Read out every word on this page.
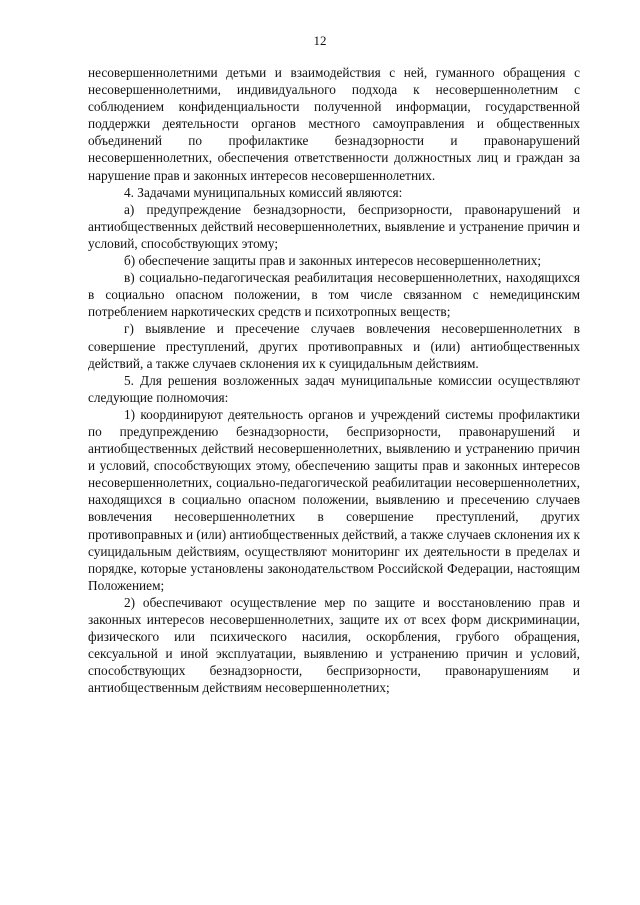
12

несовершеннолетними детьми и взаимодействия с ней, гуманного обращения с несовершеннолетними, индивидуального подхода к несовершеннолетним с соблюдением конфиденциальности полученной информации, государственной поддержки деятельности органов местного самоуправления и общественных объединений по профилактике безнадзорности и правонарушений несовершеннолетних, обеспечения ответственности должностных лиц и граждан за нарушение прав и законных интересов несовершеннолетних.

4. Задачами муниципальных комиссий являются:

а) предупреждение безнадзорности, беспризорности, правонарушений и антиобщественных действий несовершеннолетних, выявление и устранение причин и условий, способствующих этому;

б) обеспечение защиты прав и законных интересов несовершеннолетних;

в) социально-педагогическая реабилитация несовершеннолетних, находящихся в социально опасном положении, в том числе связанном с немедицинским потреблением наркотических средств и психотропных веществ;

г) выявление и пресечение случаев вовлечения несовершеннолетних в совершение преступлений, других противоправных и (или) антиобщественных действий, а также случаев склонения их к суицидальным действиям.

5. Для решения возложенных задач муниципальные комиссии осуществляют следующие полномочия:

1) координируют деятельность органов и учреждений системы профилактики по предупреждению безнадзорности, беспризорности, правонарушений и антиобщественных действий несовершеннолетних, выявлению и устранению причин и условий, способствующих этому, обеспечению защиты прав и законных интересов несовершеннолетних, социально-педагогической реабилитации несовершеннолетних, находящихся в социально опасном положении, выявлению и пресечению случаев вовлечения несовершеннолетних в совершение преступлений, других противоправных и (или) антиобщественных действий, а также случаев склонения их к суицидальным действиям, осуществляют мониторинг их деятельности в пределах и порядке, которые установлены законодательством Российской Федерации, настоящим Положением;

2) обеспечивают осуществление мер по защите и восстановлению прав и законных интересов несовершеннолетних, защите их от всех форм дискриминации, физического или психического насилия, оскорбления, грубого обращения, сексуальной и иной эксплуатации, выявлению и устранению причин и условий, способствующих безнадзорности, беспризорности, правонарушениям и антиобщественным действиям несовершеннолетних;
